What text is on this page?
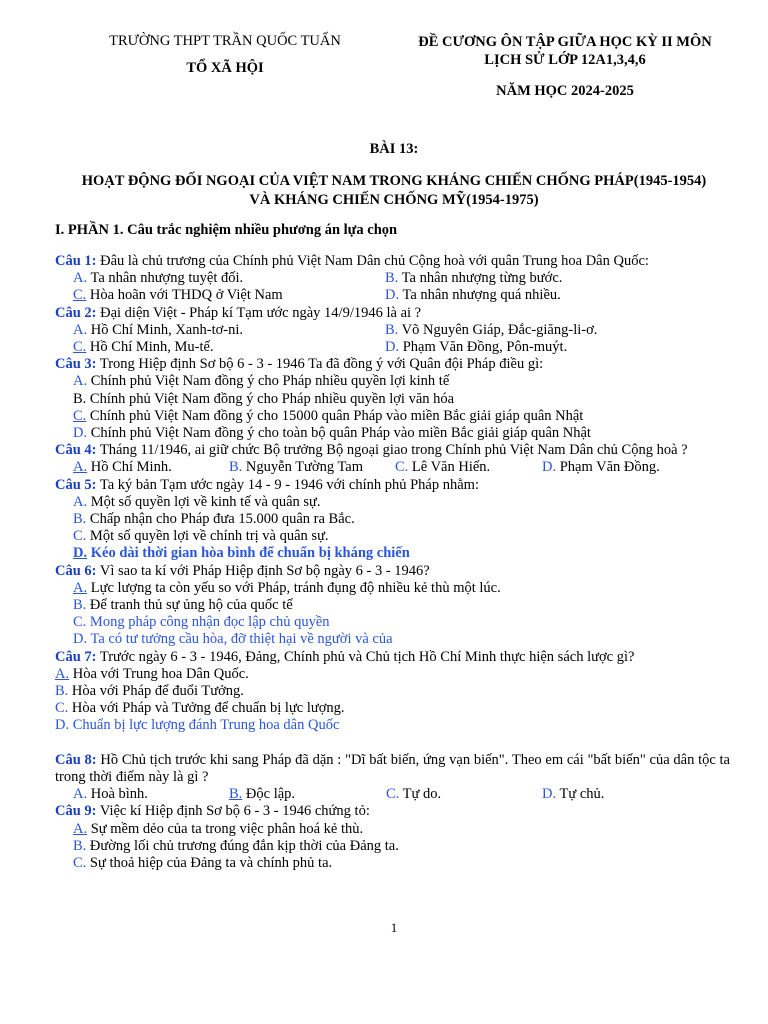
TRƯỜNG THPT TRẦN QUỐC TUẤN
TỔ XÃ HỘI
ĐỀ CƯƠNG ÔN TẬP GIỮA HỌC KỲ II MÔN
LỊCH SỬ LỚP 12A1,3,4,6
NĂM HỌC 2024-2025
BÀI 13:
HOẠT ĐỘNG ĐỐI NGOẠI CỦA VIỆT NAM TRONG KHÁNG CHIẾN CHỐNG PHÁP(1945-1954)
VÀ KHÁNG CHIẾN CHỐNG MỸ(1954-1975)
I. PHẦN 1. Câu trắc nghiệm nhiều phương án lựa chọn
Câu 1: Đâu là chủ trương của Chính phủ Việt Nam Dân chủ Cộng hoà với quân Trung hoa Dân Quốc:
A. Ta nhân nhượng tuyệt đối.	B. Ta nhân nhượng từng bước.
C. Hòa hoãn với THDQ ở Việt Nam	D. Ta nhân nhượng quá nhiều.
Câu 2: Đại diện Việt - Pháp kí Tạm ước ngày 14/9/1946 là ai ?
A. Hồ Chí Minh, Xanh-tơ-ni.	B. Võ Nguyên Giáp, Đắc-giăng-li-ơ.
C. Hồ Chí Minh, Mu-tế.	D. Phạm Văn Đồng, Pôn-muýt.
Câu 3: Trong Hiệp định Sơ bộ 6 - 3 - 1946 Ta đã đồng ý với Quân đội Pháp điều gì:
A. Chính phủ Việt Nam đồng ý cho Pháp nhiều quyền lợi kinh tế
B. Chính phủ Việt Nam đồng ý cho Pháp nhiều quyền lợi văn hóa
C. Chính phủ Việt Nam đồng ý cho 15000 quân Pháp vào miền Bắc giải giáp quân Nhật
D. Chính phủ Việt Nam đồng ý cho toàn bộ quân Pháp vào miền Bắc giải giáp quân Nhật
Câu 4: Tháng 11/1946, ai giữ chức Bộ trưởng Bộ ngoại giao trong Chính phủ Việt Nam Dân chủ Cộng hoà ?
A. Hồ Chí Minh.	B. Nguyễn Tường Tam	C. Lê Văn Hiến.	D. Phạm Văn Đồng.
Câu 5: Ta ký bản Tạm ước ngày 14 - 9 - 1946 với chính phủ Pháp nhằm:
A. Một số quyền lợi về kinh tế và quân sự.
B. Chấp nhận cho Pháp đưa 15.000 quân ra Bắc.
C. Một số quyền lợi về chính trị và quân sự.
D. Kéo dài thời gian hòa bình để chuẩn bị kháng chiến
Câu 6: Vì sao ta kí với Pháp Hiệp định Sơ bộ ngày 6 - 3 - 1946?
A. Lực lượng ta còn yếu so với Pháp, tránh đụng độ nhiều kẻ thù một lúc.
B. Để tranh thủ sự ủng hộ của quốc tế
C. Mong pháp công nhận đọc lập chủ quyền
D. Ta có tư tưởng cầu hòa, đỡ thiệt hại về người và của
Câu 7: Trước ngày 6 - 3 - 1946, Đảng, Chính phủ và Chủ tịch Hồ Chí Minh thực hiện sách lược gì?
A. Hòa với Trung hoa Dân Quốc.
B. Hòa với Pháp để đuổi Tưởng.
C. Hòa với Pháp và Tưởng để chuẩn bị lực lượng.
D. Chuẩn bị lực lượng đánh Trung hoa dân Quốc
Câu 8: Hồ Chủ tịch trước khi sang Pháp đã dặn : "Dĩ bất biến, ứng vạn biến". Theo em cái "bất biến" của dân tộc ta trong thời điểm này là gì ?
A. Hoà bình.	B. Độc lập.	C. Tự do.	D. Tự chủ.
Câu 9: Việc kí Hiệp định Sơ bộ 6 - 3 - 1946 chứng tỏ:
A. Sự mềm dẻo của ta trong việc phân hoá kẻ thù.
B. Đường lối chủ trương đúng đắn kịp thời của Đảng ta.
C. Sự thoả hiệp của Đảng ta và chính phủ ta.
1
